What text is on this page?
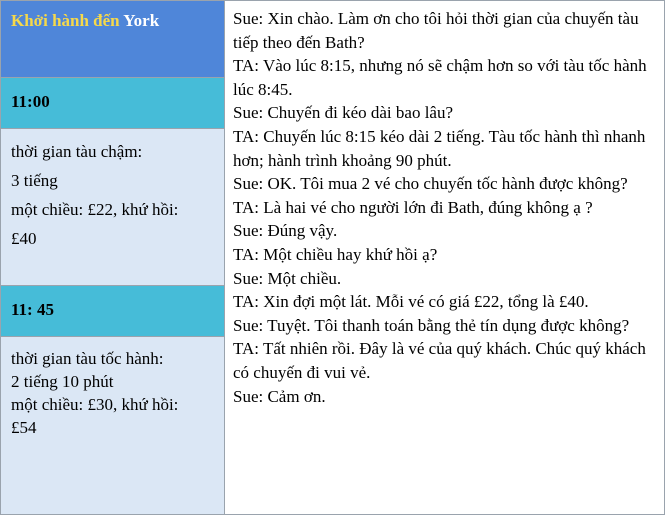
Khởi hành đến York	Sue: Xin chào. Làm ơn cho tôi hỏi thời gian của chuyến tàu tiếp theo đến Bath?
TA: Vào lúc 8:15, nhưng nó sẽ chậm hơn so với tàu tốc hành lúc 8:45.
Sue: Chuyến đi kéo dài bao lâu?
TA: Chuyến lúc 8:15 kéo dài 2 tiếng. Tàu tốc hành thì nhanh hơn; hành trình khoảng 90 phút.
Sue: OK. Tôi mua 2 vé cho chuyến tốc hành được không?
TA: Là hai vé cho người lớn đi Bath, đúng không ạ ?
Sue: Đúng vậy.
TA: Một chiều hay khứ hồi ạ?
Sue: Một chiều.
TA: Xin đợi một lát. Mỗi vé có giá £22, tổng là £40.
Sue: Tuyệt. Tôi thanh toán bằng thẻ tín dụng được không?
TA: Tất nhiên rồi. Đây là vé của quý khách. Chúc quý khách có chuyến đi vui vẻ.
Sue: Cảm ơn.

11:00

thời gian tàu chậm:
3 tiếng
một chiều: £22, khứ hồi:
£40

11: 45

thời gian tàu tốc hành:
2 tiếng 10 phút
một chiều: £30, khứ hồi:
£54
